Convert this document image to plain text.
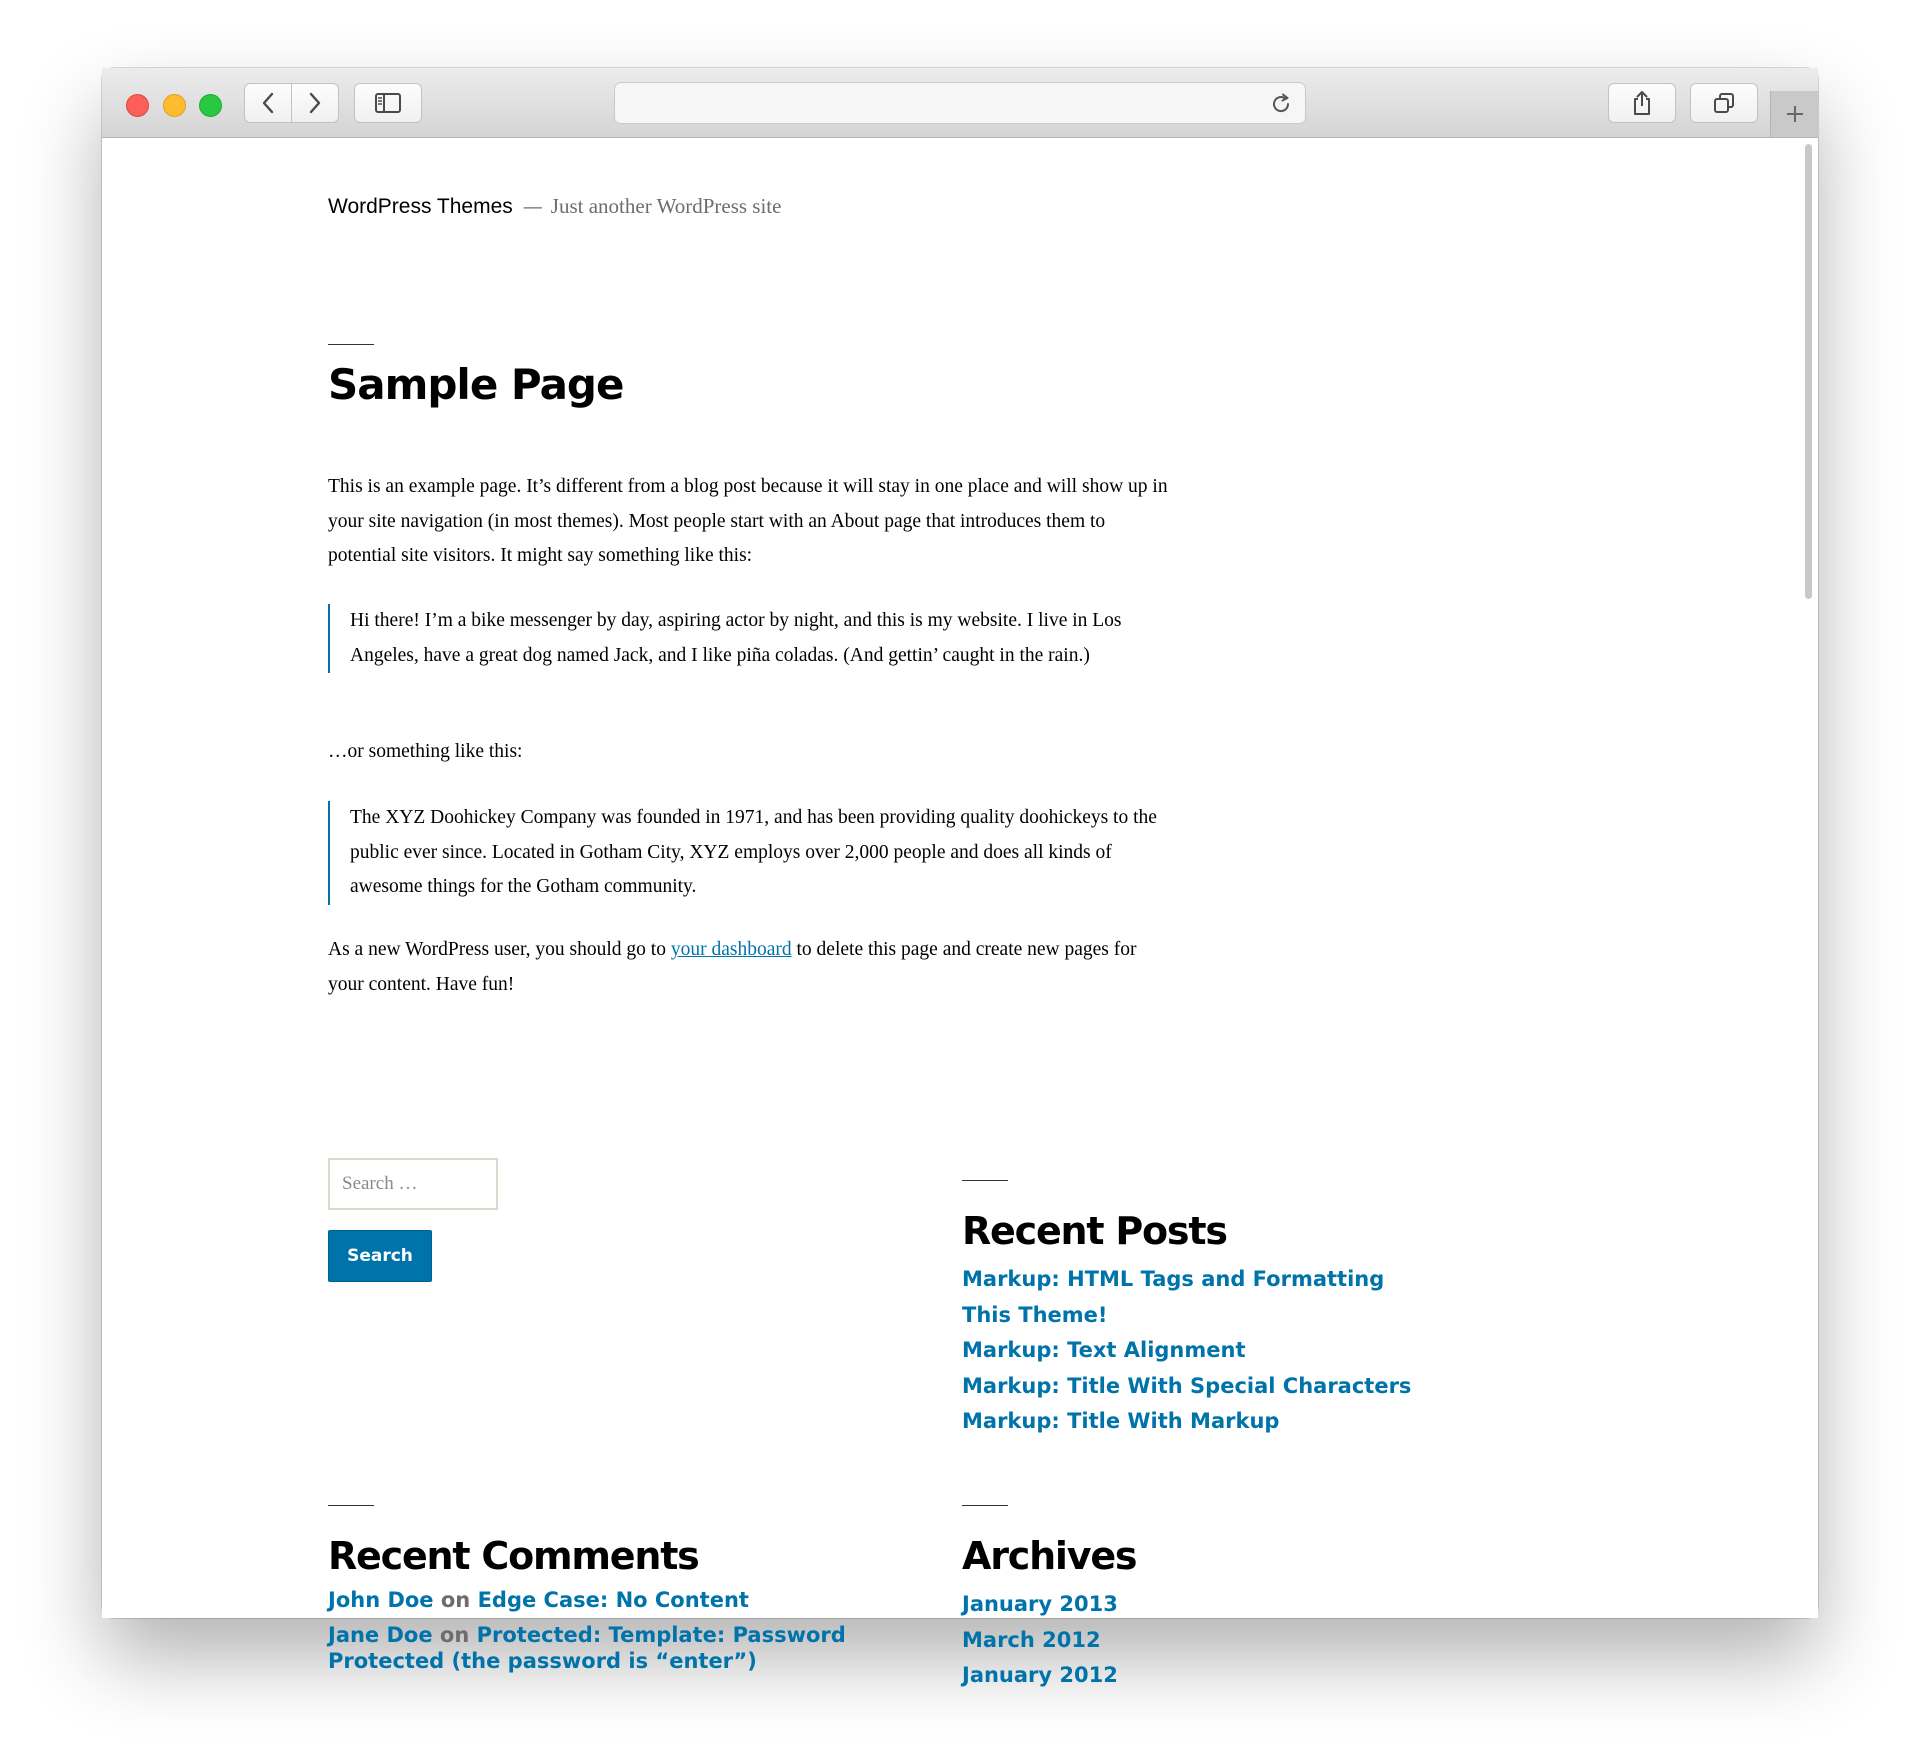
WordPress Themes — Just another WordPress site
Sample Page

This is an example page. It’s different from a blog post because it will stay in one place and will show up in your site navigation (in most themes). Most people start with an About page that introduces them to potential site visitors. It might say something like this:

Hi there! I’m a bike messenger by day, aspiring actor by night, and this is my website. I live in Los Angeles, have a great dog named Jack, and I like piña coladas. (And gettin’ caught in the rain.)

…or something like this:

The XYZ Doohickey Company was founded in 1971, and has been providing quality doohickeys to the public ever since. Located in Gotham City, XYZ employs over 2,000 people and does all kinds of awesome things for the Gotham community.

As a new WordPress user, you should go to your dashboard to delete this page and create new pages for your content. Have fun!

Search …
Search
Recent Posts
Markup: HTML Tags and Formatting
This Theme!
Markup: Text Alignment
Markup: Title With Special Characters
Markup: Title With Markup
Recent Comments
John Doe on Edge Case: No Content
Jane Doe on Protected: Template: Password Protected (the password is “enter”)
Archives
January 2013
March 2012
January 2012
